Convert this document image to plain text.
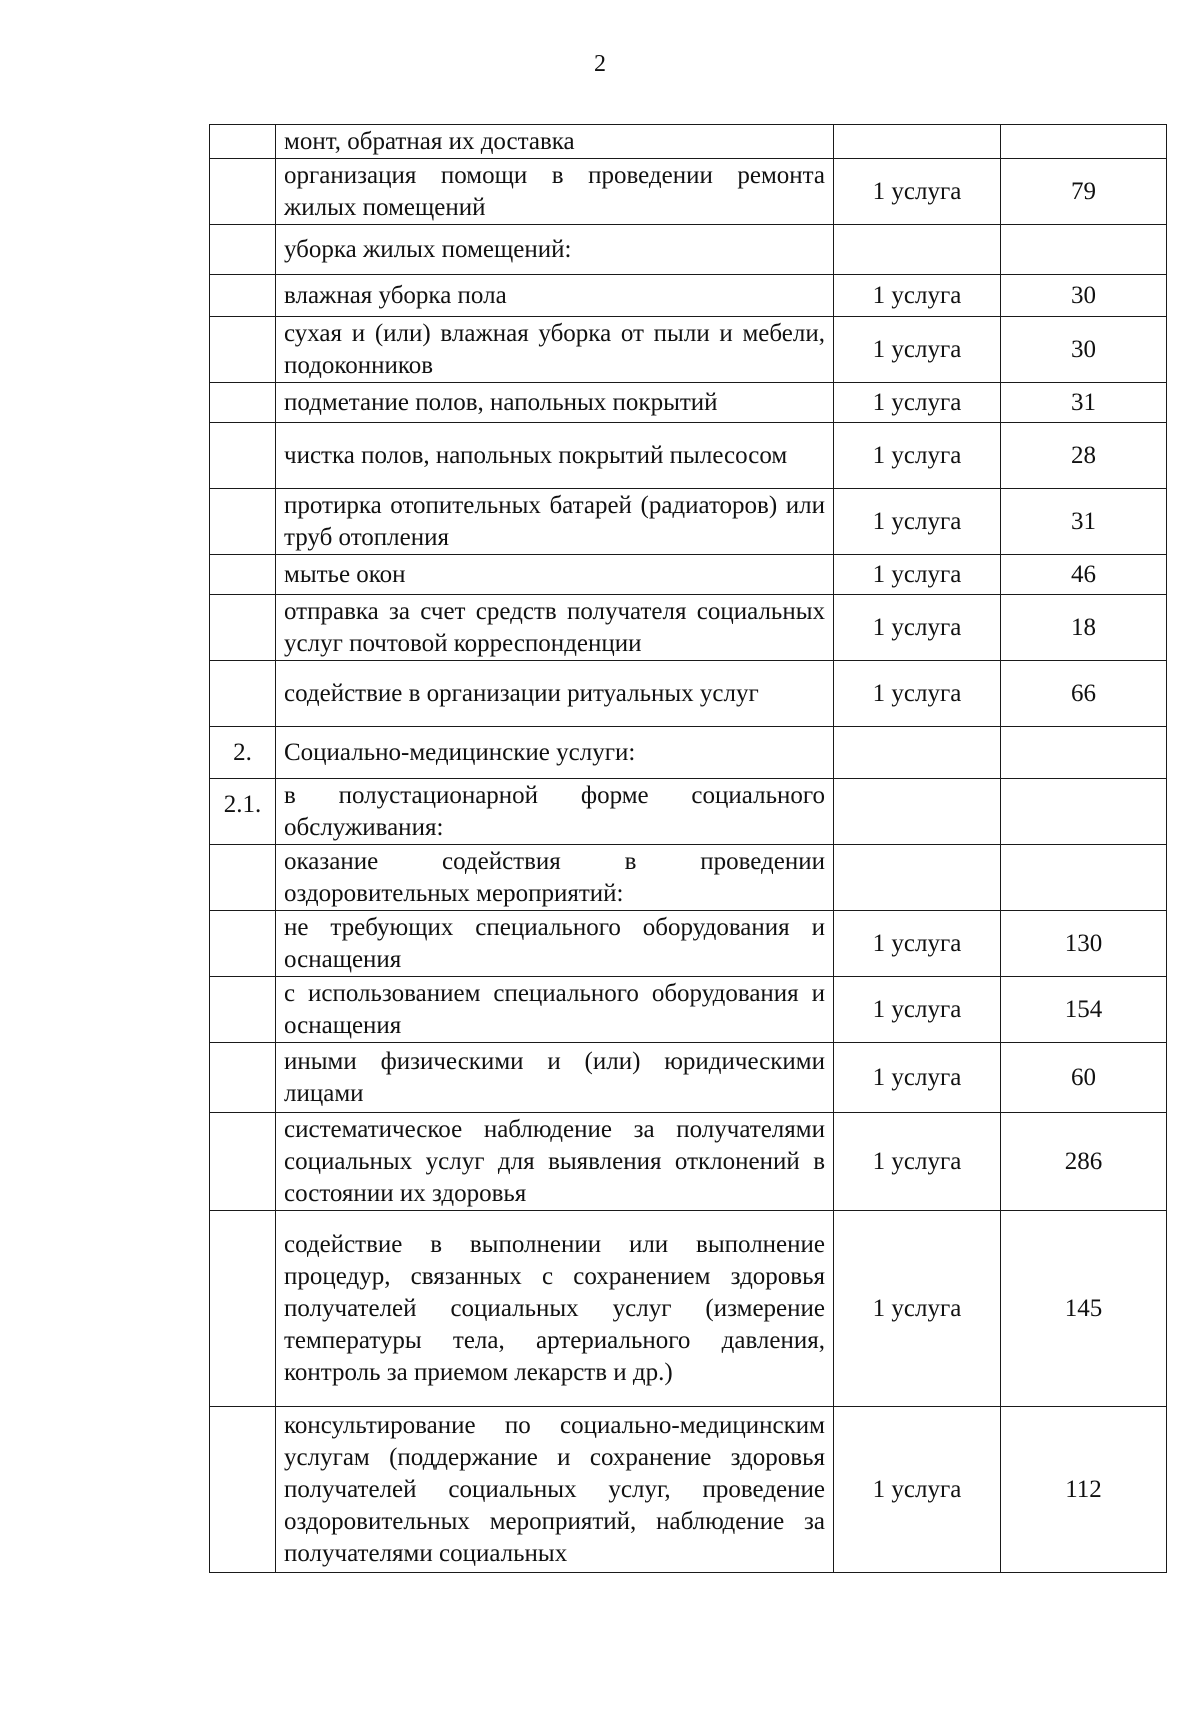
2
	монт, обратная их доставка		
	организация помощи в проведении ремонта жилых помещений	1 услуга	79
	уборка жилых помещений:		
	влажная уборка пола	1 услуга	30
	сухая и (или) влажная уборка от пыли и мебели, подоконников	1 услуга	30
	подметание полов, напольных покрытий	1 услуга	31
	чистка полов, напольных покрытий пылесосом	1 услуга	28
	протирка отопительных батарей (радиаторов) или труб отопления	1 услуга	31
	мытье окон	1 услуга	46
	отправка за счет средств получателя социальных услуг почтовой корреспонденции	1 услуга	18
	содействие в организации ритуальных услуг	1 услуга	66
2.	Социально-медицинские услуги:		
2.1.	в полустационарной форме социального обслуживания:		
	оказание содействия в проведении оздоровительных мероприятий:		
	не требующих специального оборудования и оснащения	1 услуга	130
	с использованием специального оборудования и оснащения	1 услуга	154
	иными физическими и (или) юридическими лицами	1 услуга	60
	систематическое наблюдение за получателями социальных услуг для выявления отклонений в состоянии их здоровья	1 услуга	286
	содействие в выполнении или выполнение процедур, связанных с сохранением здоровья получателей социальных услуг (измерение температуры тела, артериального давления, контроль за приемом лекарств и др.)	1 услуга	145
	консультирование по социально-медицинским услугам (поддержание и сохранение здоровья получателей социальных услуг, проведение оздоровительных мероприятий, наблюдение за получателями социальных	1 услуга	112
